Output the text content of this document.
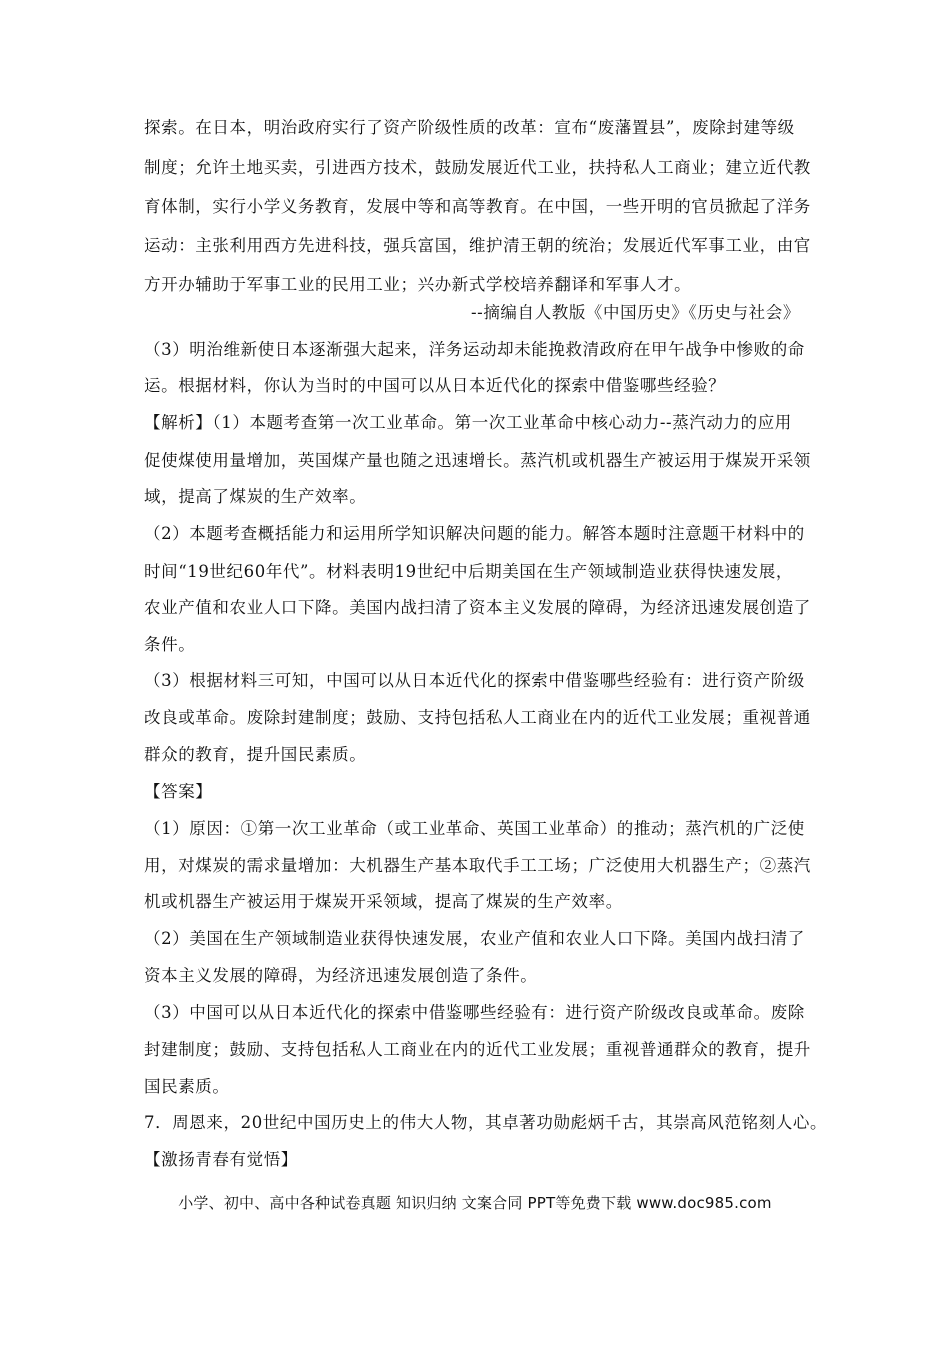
探索。在日本，明治政府实行了资产阶级性质的改革：宣布“废藩置县”，废除封建等级
制度；允许土地买卖，引进西方技术，鼓励发展近代工业，扶持私人工商业；建立近代教
育体制，实行小学义务教育，发展中等和高等教育。在中国，一些开明的官员掀起了洋务
运动：主张利用西方先进科技，强兵富国，维护清王朝的统治；发展近代军事工业，由官
方开办辅助于军事工业的民用工业；兴办新式学校培养翻译和军事人才。
--摘编自人教版《中国历史》《历史与社会》
（3）明治维新使日本逐渐强大起来，洋务运动却未能挽救清政府在甲午战争中惨败的命
运。根据材料，你认为当时的中国可以从日本近代化的探索中借鉴哪些经验？
【解析】（1）本题考查第一次工业革命。第一次工业革命中核心动力--蒸汽动力的应用
促使煤使用量增加，英国煤产量也随之迅速增长。蒸汽机或机器生产被运用于煤炭开采领
域，提高了煤炭的生产效率。
（2）本题考查概括能力和运用所学知识解决问题的能力。解答本题时注意题干材料中的
时间“19世纪60年代”。材料表明19世纪中后期美国在生产领域制造业获得快速发展，
农业产值和农业人口下降。美国内战扫清了资本主义发展的障碍，为经济迅速发展创造了
条件。
（3）根据材料三可知，中国可以从日本近代化的探索中借鉴哪些经验有：进行资产阶级
改良或革命。废除封建制度；鼓励、支持包括私人工商业在内的近代工业发展；重视普通
群众的教育，提升国民素质。
【答案】
（1）原因：①第一次工业革命（或工业革命、英国工业革命）的推动；蒸汽机的广泛使
用，对煤炭的需求量增加：大机器生产基本取代手工工场；广泛使用大机器生产；②蒸汽
机或机器生产被运用于煤炭开采领域，提高了煤炭的生产效率。
（2）美国在生产领域制造业获得快速发展，农业产值和农业人口下降。美国内战扫清了
资本主义发展的障碍，为经济迅速发展创造了条件。
（3）中国可以从日本近代化的探索中借鉴哪些经验有：进行资产阶级改良或革命。废除
封建制度；鼓励、支持包括私人工商业在内的近代工业发展；重视普通群众的教育，提升
国民素质。
7．周恩来，20世纪中国历史上的伟大人物，其卓著功勋彪炳千古，其崇高风范铭刻人心。
【激扬青春有觉悟】
小学、初中、高中各种试卷真题 知识归纳 文案合同 PPT等免费下载 www.doc985.com
